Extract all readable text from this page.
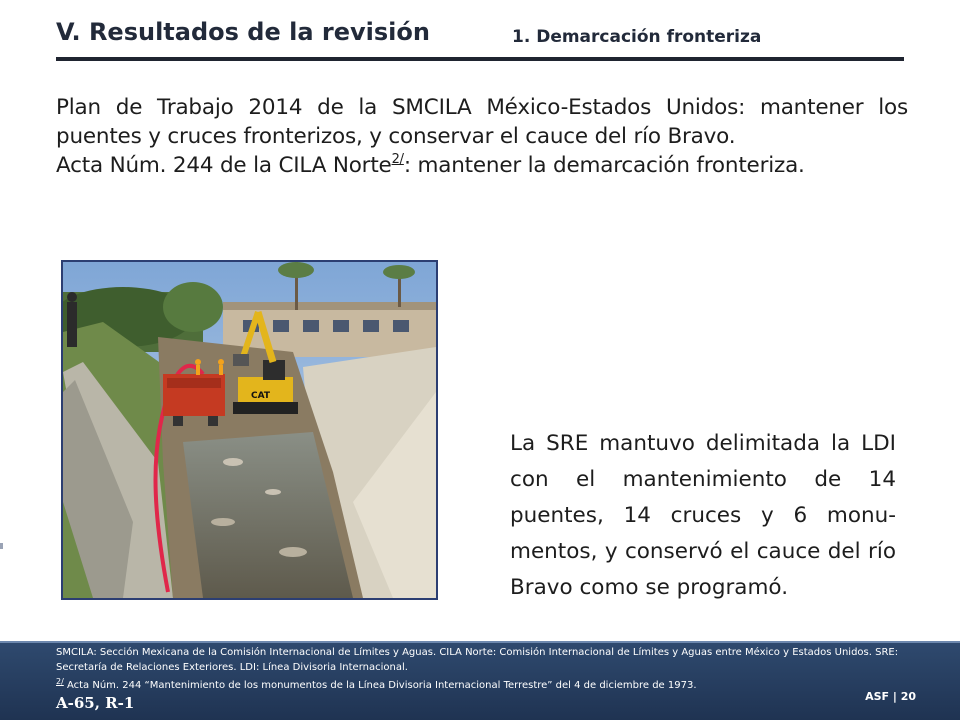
V. Resultados de la revisión	1. Demarcación fronteriza

Plan de Trabajo 2014 de la SMCILA México-Estados Unidos: mantener los puentes y cruces fronterizos, y conservar el cauce del río Bravo.

Acta Núm. 244 de la CILA Norte$^{2/}$: mantener la demarcación fronteriza.

CAT
La SRE mantuvo delimitada la LDI con el mantenimiento de 14 puentes, 14 cruces y 6 monu-mentos, y conservó el cauce del río Bravo como se programó.
SMCILA: Sección Mexicana de la Comisión Internacional de Límites y Aguas. CILA Norte: Comisión Internacional de Límites y Aguas entre México y Estados Unidos. SRE: Secretaría de Relaciones Exteriores. LDI: Línea Divisoria Internacional.
$^{2/}$ Acta Núm. 244 “Mantenimiento de los monumentos de la Línea Divisoria Internacional Terrestre” del 4 de diciembre de 1973.
A-65, R-1	ASF | 20
